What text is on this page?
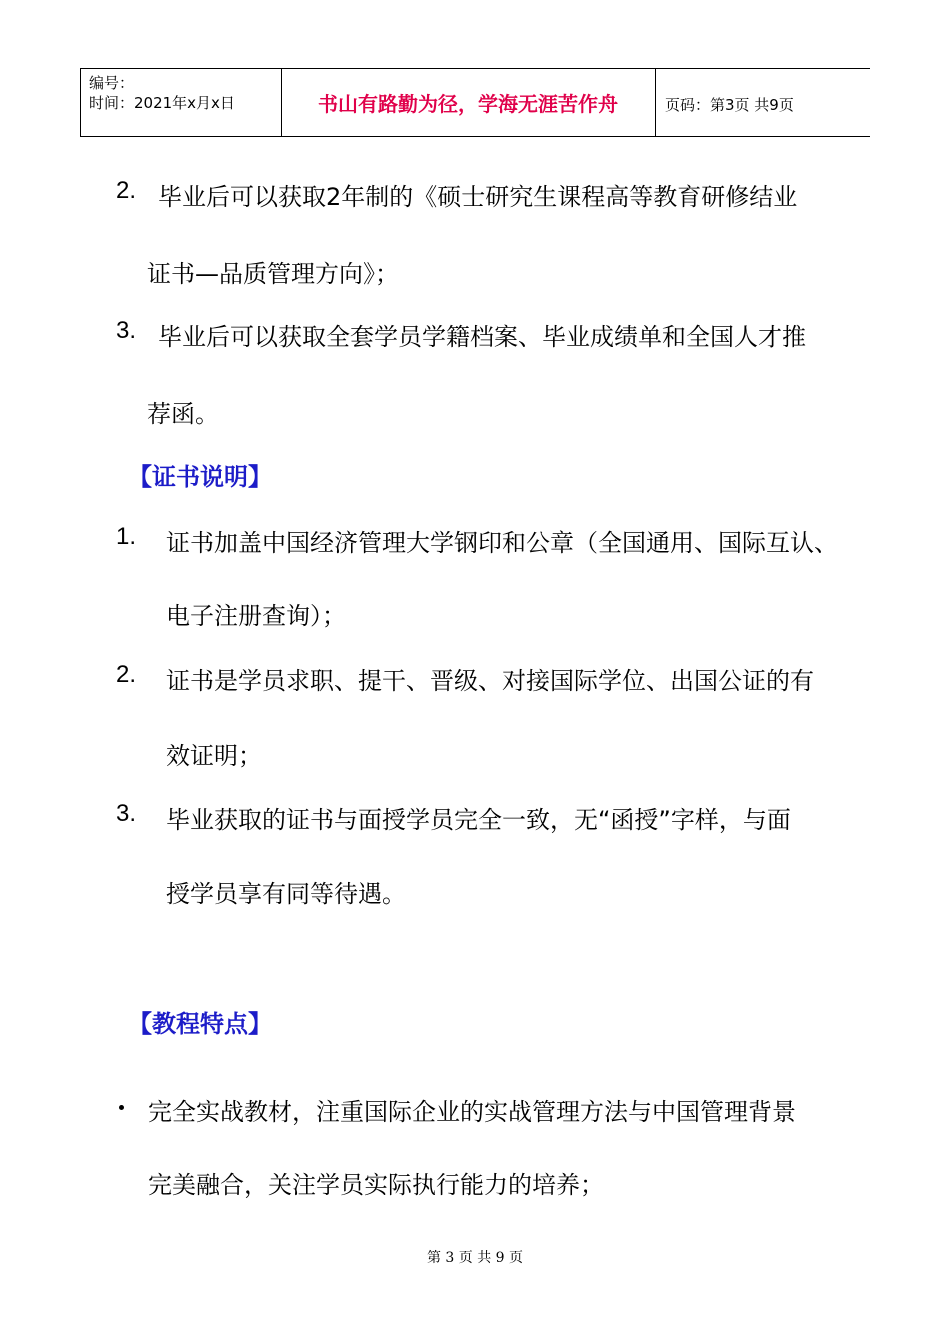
编号：
时间：2021年x月x日	书山有路勤为径，学海无涯苦作舟	页码：第3页 共9页
2. 毕业后可以获取2年制的《硕士研究生课程高等教育研修结业
证书—品质管理方向》；
3. 毕业后可以获取全套学员学籍档案、毕业成绩单和全国人才推
荐函。
【证书说明】
1. 证书加盖中国经济管理大学钢印和公章（全国通用、国际互认、
电子注册查询）；
2. 证书是学员求职、提干、晋级、对接国际学位、出国公证的有
效证明；
3. 毕业获取的证书与面授学员完全一致，无“函授”字样，与面
授学员享有同等待遇。
【教程特点】
完全实战教材，注重国际企业的实战管理方法与中国管理背景
完美融合，关注学员实际执行能力的培养；
第 3 页 共 9 页
